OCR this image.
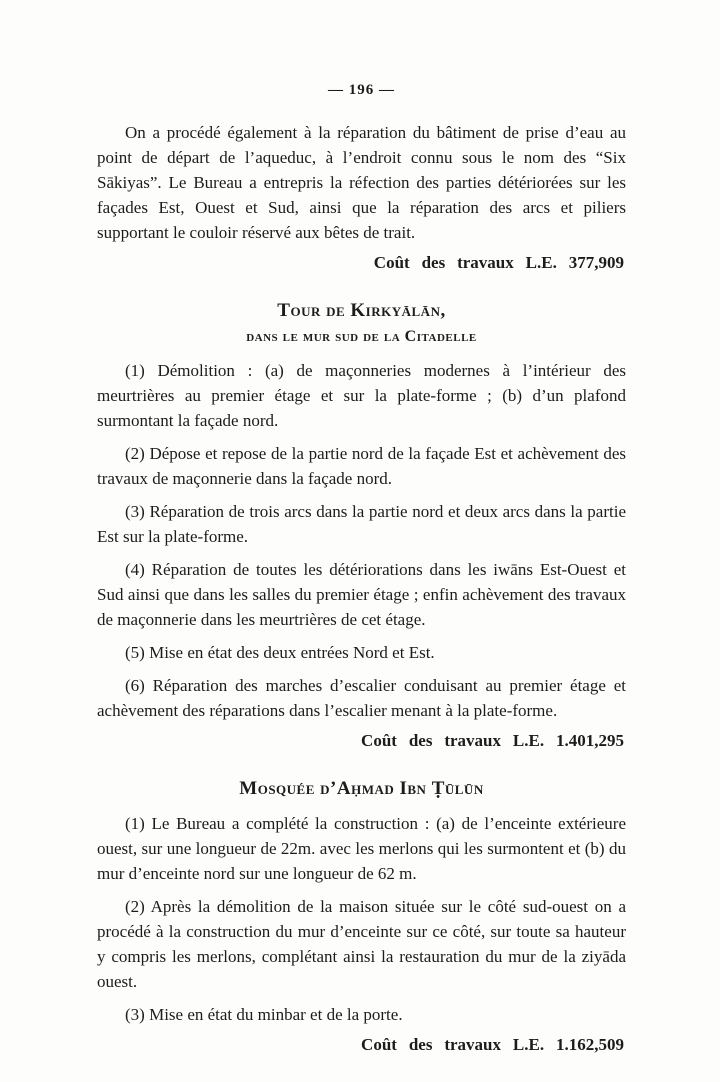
— 196 —

On a procédé également à la réparation du bâtiment de prise d’eau au point de départ de l’aqueduc, à l’endroit connu sous le nom des “Six Sākiyas”. Le Bureau a entrepris la réfection des parties détériorées sur les façades Est, Ouest et Sud, ainsi que la réparation des arcs et piliers supportant le couloir réservé aux bêtes de trait.

Coût des travaux L.E. 377,909
Tour de Kirkyālān,
dans le mur sud de la Citadelle

(1) Démolition : (a) de maçonneries modernes à l’intérieur des meurtrières au premier étage et sur la plate-forme ; (b) d’un plafond surmontant la façade nord.

(2) Dépose et repose de la partie nord de la façade Est et achèvement des travaux de maçonnerie dans la façade nord.

(3) Réparation de trois arcs dans la partie nord et deux arcs dans la partie Est sur la plate-forme.

(4) Réparation de toutes les détériorations dans les iwāns Est-Ouest et Sud ainsi que dans les salles du premier étage ; enfin achèvement des travaux de maçonnerie dans les meurtrières de cet étage.

(5) Mise en état des deux entrées Nord et Est.

(6) Réparation des marches d’escalier conduisant au premier étage et achèvement des réparations dans l’escalier menant à la plate-forme.

Coût des travaux L.E. 1.401,295
Mosquée d’Aḥmad Ibn Ṭūlūn

(1) Le Bureau a complété la construction : (a) de l’enceinte extérieure ouest, sur une longueur de 22m. avec les merlons qui les surmontent et (b) du mur d’enceinte nord sur une longueur de 62 m.

(2) Après la démolition de la maison située sur le côté sud-ouest on a procédé à la construction du mur d’enceinte sur ce côté, sur toute sa hauteur y compris les merlons, complétant ainsi la restauration du mur de la ziyāda ouest.

(3) Mise en état du minbar et de la porte.

Coût des travaux L.E. 1.162,509
